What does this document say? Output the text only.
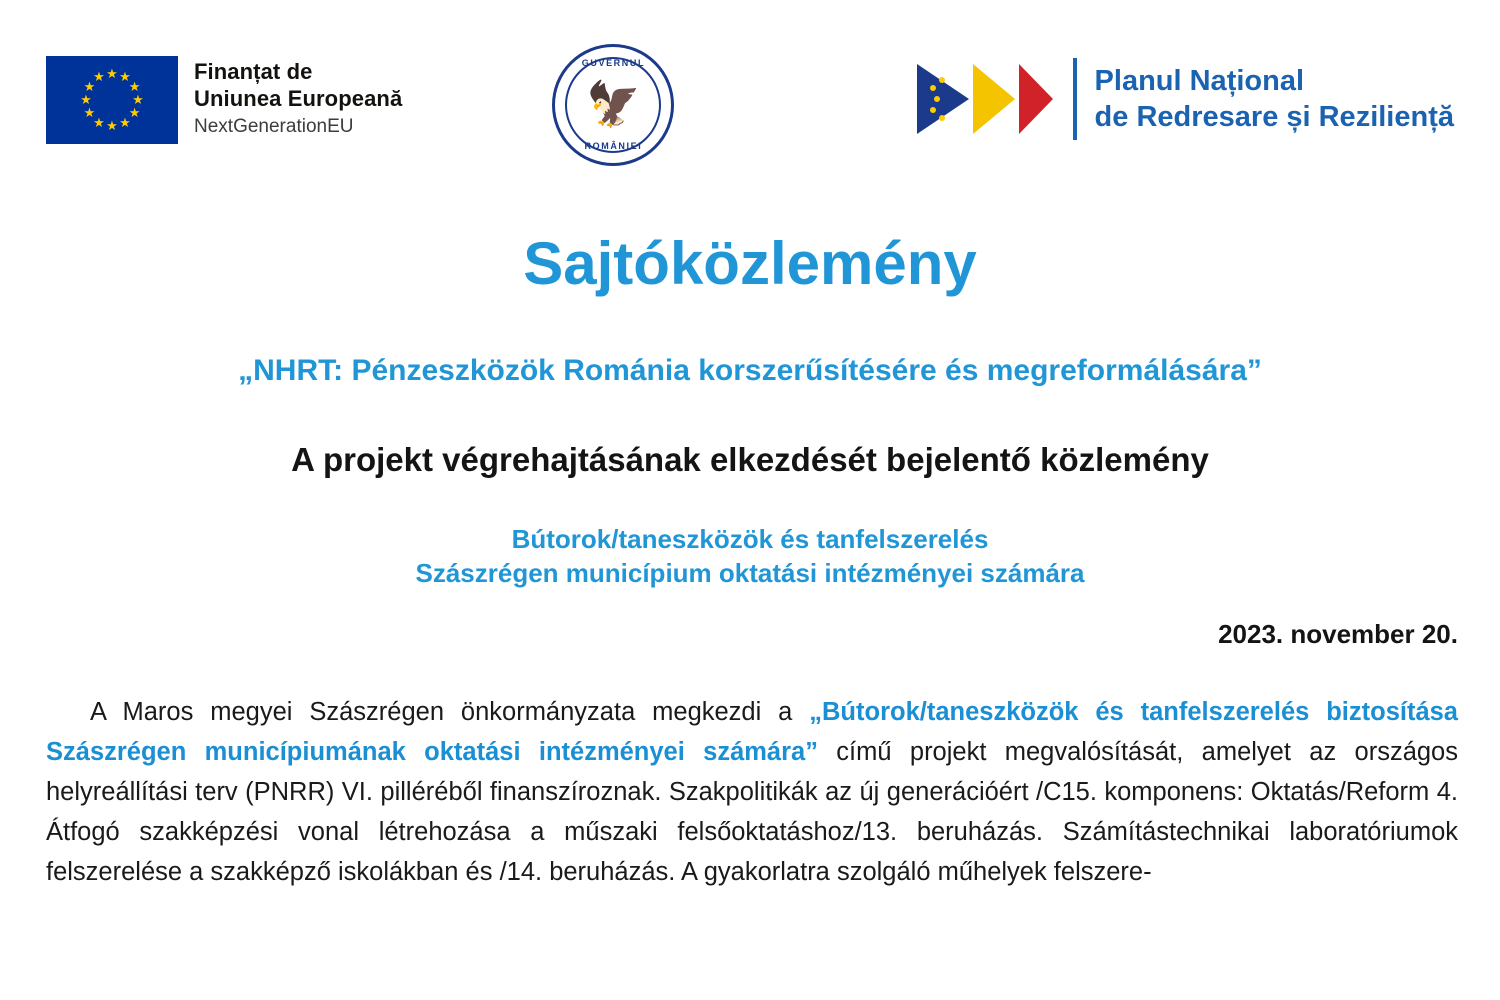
★ ★
★
★
★
★
★
★
★
★
★
★	Finanțat de
Uniunea Europeană
NextGenerationEU
GUVERNUL
🦅
ROMÂNIEI
Planul Național
de Redresare și Reziliență
Sajtóközlemény
„NHRT: Pénzeszközök Románia korszerűsítésére és megreformálására”
A projekt végrehajtásának elkezdését bejelentő közlemény
Bútorok/taneszközök és tanfelszerelés
Szászrégen municípium oktatási intézményei számára
2023. november 20.

A Maros megyei Szászrégen önkormányzata megkezdi a „Bútorok/taneszközök és tanfelszerelés biztosítása Szászrégen municípiumának oktatási intézményei számára” című projekt megvalósítását, amelyet az országos helyreállítási terv (PNRR) VI. pilléréből finanszíroznak. Szakpolitikák az új generációért /C15. komponens: Oktatás/Reform 4. Átfogó szakképzési vonal létrehozása a műszaki felsőoktatáshoz/13. beruházás. Számítástechnikai laboratóriumok felszerelése a szakképző iskolákban és /14. beruházás. A gyakorlatra szolgáló műhelyek felszere-
